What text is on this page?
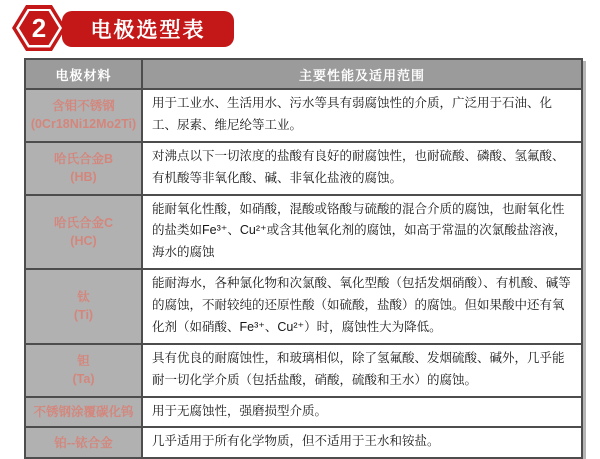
2	电极选型表
电极材料	主要性能及适用范围
含钼不锈钢
(0Cr18Ni12Mo2Ti)	用于工业水、生活用水、污水等具有弱腐蚀性的介质，广泛用于石油、化工、尿素、维尼纶等工业。
哈氏合金B
(HB)	对沸点以下一切浓度的盐酸有良好的耐腐蚀性，也耐硫酸、磷酸、氢氟酸、有机酸等非氧化酸、碱、非氧化盐液的腐蚀。
哈氏合金C
(HC)	能耐氧化性酸，如硝酸，混酸或铬酸与硫酸的混合介质的腐蚀，也耐氧化性的盐类如Fe³⁺、Cu²⁺或含其他氧化剂的腐蚀，如高于常温的次氯酸盐溶液，海水的腐蚀
钛
(Ti)	能耐海水，各种氯化物和次氯酸、氧化型酸（包括发烟硝酸）、有机酸、碱等的腐蚀，不耐较纯的还原性酸（如硫酸，盐酸）的腐蚀。但如果酸中还有氧化剂（如硝酸、Fe³⁺、Cu²⁺）时，腐蚀性大为降低。
钽
(Ta)	具有优良的耐腐蚀性，和玻璃相似，除了氢氟酸、发烟硫酸、碱外，几乎能耐一切化学介质（包括盐酸，硝酸，硫酸和王水）的腐蚀。
不锈钢涂覆碳化钨	用于无腐蚀性，强磨损型介质。
铂--铱合金	几乎适用于所有化学物质，但不适用于王水和铵盐。
